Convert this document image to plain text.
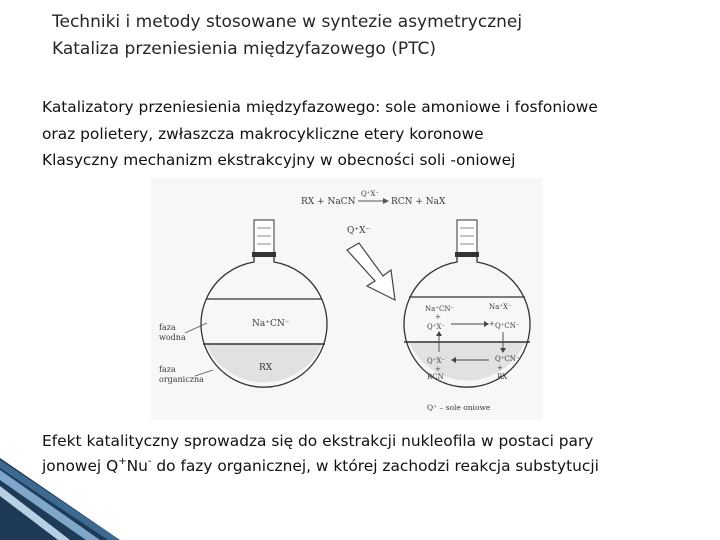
Techniki i metody stosowane w syntezie asymetrycznej
Kataliza przeniesienia międzyfazowego (PTC)
Katalizatory przeniesienia międzyfazowego: sole amoniowe i fosfoniowe
oraz polietery, zwłaszcza makrocykliczne etery koronowe
Klasyczny mechanizm ekstrakcyjny w obecności soli -oniowej
RX + NaCN
Q⁺X⁻
RCN + NaX
Q⁺X⁻
Na⁺CN⁻
RX
faza
wodna
faza
organiczna
Na⁺CN⁻	Na⁺X⁻
+
Q⁺X⁻	+ Q⁺CN⁻
Q⁺X⁻	Q⁺CN⁻
+	+
RCN	RX
Q⁺ – sole oniowe
Efekt katalityczny sprowadza się do ekstrakcji nukleofila w postaci pary
jonowej Q+Nu- do fazy organicznej, w której zachodzi reakcja substytucji
